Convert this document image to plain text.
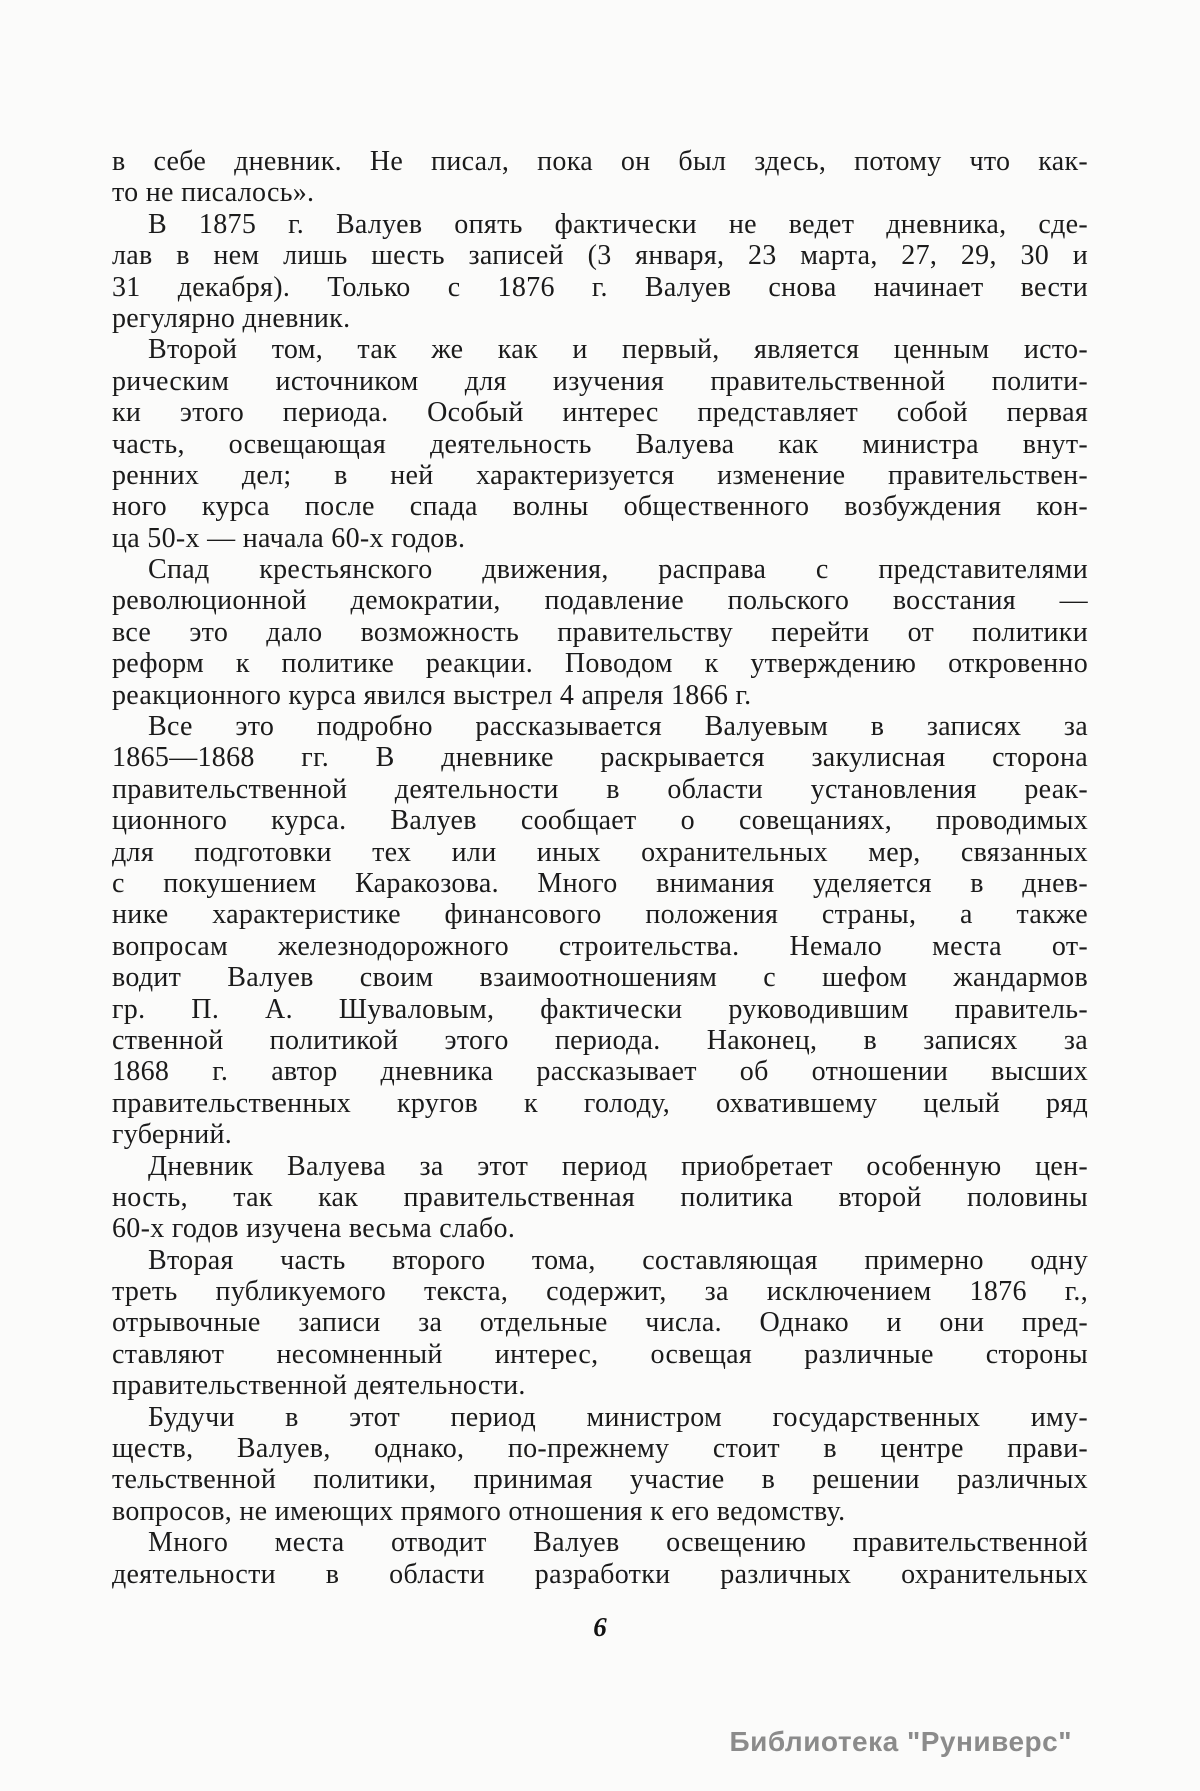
в себе дневник. Не писал, пока он был здесь, потому что как-
то не писалось».
В 1875 г. Валуев опять фактически не ведет дневника, сде-
лав в нем лишь шесть записей (3 января, 23 марта, 27, 29, 30 и
31 декабря). Только с 1876 г. Валуев снова начинает вести
регулярно дневник.
Второй том, так же как и первый, является ценным исто-
рическим источником для изучения правительственной полити-
ки этого периода. Особый интерес представляет собой первая
часть, освещающая деятельность Валуева как министра внут-
ренних дел; в ней характеризуется изменение правительствен-
ного курса после спада волны общественного возбуждения кон-
ца 50-х — начала 60-х годов.
Спад крестьянского движения, расправа с представителями
революционной демократии, подавление польского восстания —
все это дало возможность правительству перейти от политики
реформ к политике реакции. Поводом к утверждению откровенно
реакционного курса явился выстрел 4 апреля 1866 г.
Все это подробно рассказывается Валуевым в записях за
1865—1868 гг. В дневнике раскрывается закулисная сторона
правительственной деятельности в области установления реак-
ционного курса. Валуев сообщает о совещаниях, проводимых
для подготовки тех или иных охранительных мер, связанных
с покушением Каракозова. Много внимания уделяется в днев-
нике характеристике финансового положения страны, а также
вопросам железнодорожного строительства. Немало места от-
водит Валуев своим взаимоотношениям с шефом жандармов
гр. П. А. Шуваловым, фактически руководившим правитель-
ственной политикой этого периода. Наконец, в записях за
1868 г. автор дневника рассказывает об отношении высших
правительственных кругов к голоду, охватившему целый ряд
губерний.
Дневник Валуева за этот период приобретает особенную цен-
ность, так как правительственная политика второй половины
60-х годов изучена весьма слабо.
Вторая часть второго тома, составляющая примерно одну
треть публикуемого текста, содержит, за исключением 1876 г.,
отрывочные записи за отдельные числа. Однако и они пред-
ставляют несомненный интерес, освещая различные стороны
правительственной деятельности.
Будучи в этот период министром государственных иму-
ществ, Валуев, однако, по-прежнему стоит в центре прави-
тельственной политики, принимая участие в решении различных
вопросов, не имеющих прямого отношения к его ведомству.
Много места отводит Валуев освещению правительственной
деятельности в области разработки различных охранительных
6
Библиотека "Руниверс"
